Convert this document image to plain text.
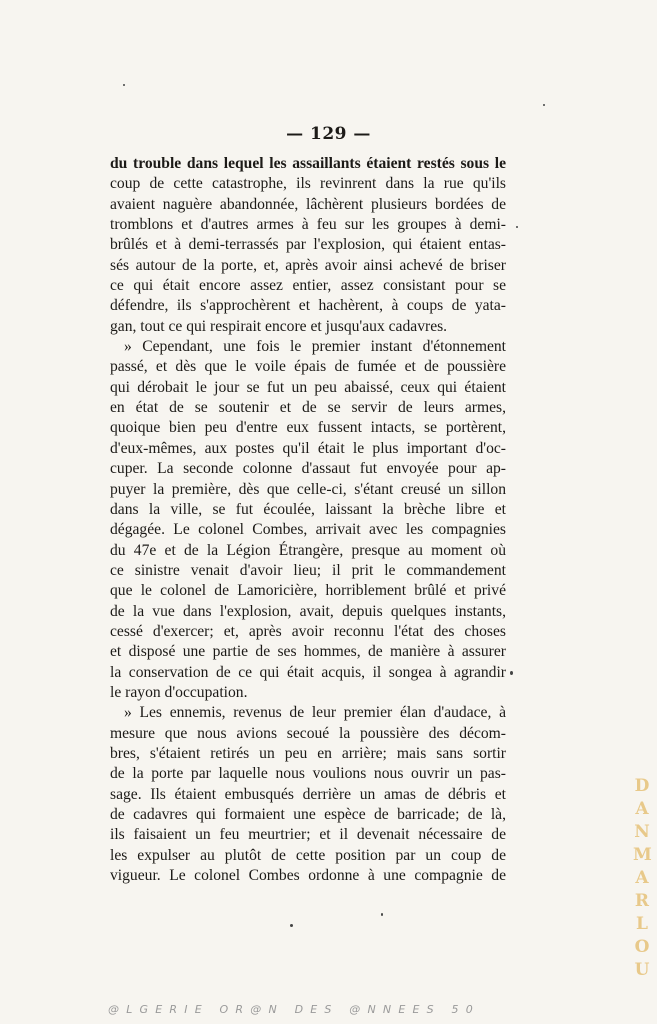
— 129 —
du trouble dans lequel les assaillants étaient restés sous le
coup de cette catastrophe, ils revinrent dans la rue qu'ils
avaient naguère abandonnée, lâchèrent plusieurs bordées de
tromblons et d'autres armes à feu sur les groupes à demi-
brûlés et à demi-terrassés par l'explosion, qui étaient entas-
sés autour de la porte, et, après avoir ainsi achevé de briser
ce qui était encore assez entier, assez consistant pour se
défendre, ils s'approchèrent et hachèrent, à coups de yata-
gan, tout ce qui respirait encore et jusqu'aux cadavres.
» Cependant, une fois le premier instant d'étonnement
passé, et dès que le voile épais de fumée et de poussière
qui dérobait le jour se fut un peu abaissé, ceux qui étaient
en état de se soutenir et de se servir de leurs armes,
quoique bien peu d'entre eux fussent intacts, se portèrent,
d'eux-mêmes, aux postes qu'il était le plus important d'oc-
cuper. La seconde colonne d'assaut fut envoyée pour ap-
puyer la première, dès que celle-ci, s'étant creusé un sillon
dans la ville, se fut écoulée, laissant la brèche libre et
dégagée. Le colonel Combes, arrivait avec les compagnies
du 47e et de la Légion Étrangère, presque au moment où
ce sinistre venait d'avoir lieu; il prit le commandement
que le colonel de Lamoricière, horriblement brûlé et privé
de la vue dans l'explosion, avait, depuis quelques instants,
cessé d'exercer; et, après avoir reconnu l'état des choses
et disposé une partie de ses hommes, de manière à assurer
la conservation de ce qui était acquis, il songea à agrandir
le rayon d'occupation.
» Les ennemis, revenus de leur premier élan d'audace, à
mesure que nous avions secoué la poussière des décom-
bres, s'étaient retirés un peu en arrière; mais sans sortir
de la porte par laquelle nous voulions nous ouvrir un pas-
sage. Ils étaient embusqués derrière un amas de débris et
de cadavres qui formaient une espèce de barricade; de là,
ils faisaient un feu meurtrier; et il devenait nécessaire de
les expulser au plutôt de cette position par un coup de
vigueur. Le colonel Combes ordonne à une compagnie de
D
A
N
M
A
R
L
O
U
@LGERIE OR@N DES @NNEES 50
